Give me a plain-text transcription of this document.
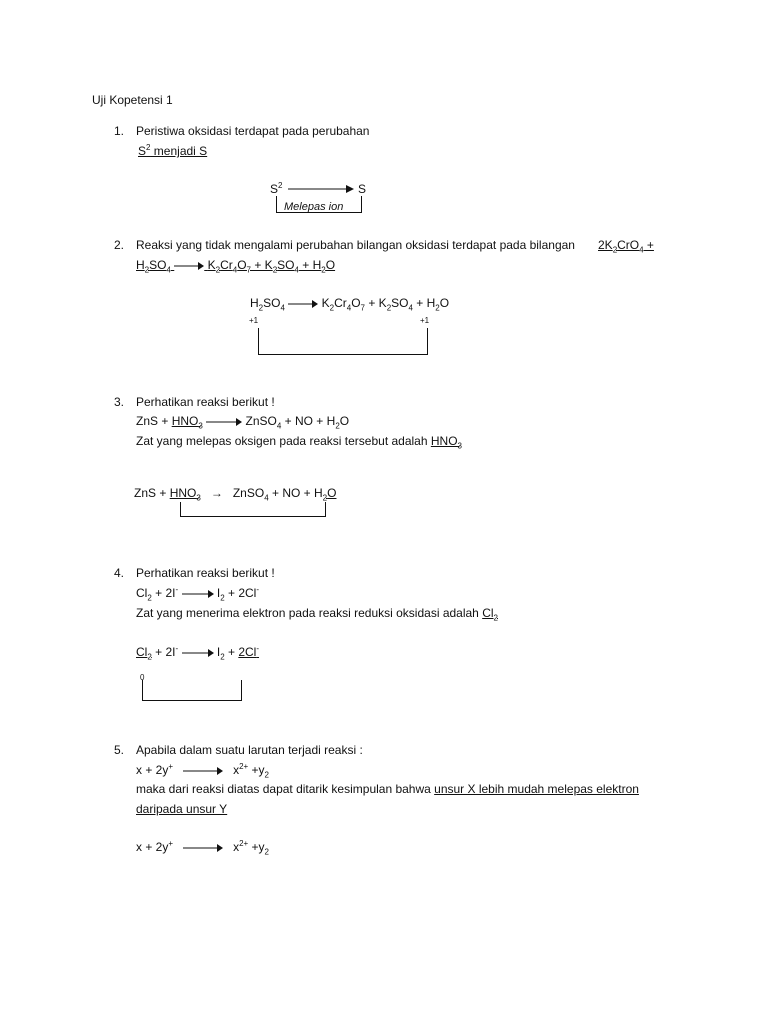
Uji Kopetensi 1
1. Peristiwa oksidasi terdapat pada perubahan
$S^2$ menjadi S
$S^2$	S
Melepas ion
2. Reaksi yang tidak mengalami perubahan bilangan oksidasi terdapat pada bilangan $2K_2CrO_4$ +
$H_2SO_4$	$K_2Cr_4O_7 + K_2SO_4 + H_2O$
$H_2SO_4$	$K_2Cr_4O_7 + K_2SO_4 + H_2O$
+1	+1
3. Perhatikan reaksi berikut !
ZnS + $HNO_3$	ZnSO$_4$ + NO + $H_2O$
Zat yang melepas oksigen pada reaksi tersebut adalah $HNO_3$
ZnS + $HNO_3$ → ZnSO$_4$ + NO + $H_2O$
4. Perhatikan reaksi berikut !
$Cl_2 + 2I^-$	$I_2 + 2Cl^-$
Zat yang menerima elektron pada reaksi reduksi oksidasi adalah $Cl_2$
$Cl_2 + 2I^-$	$I_2 + 2Cl^-$
0
5. Apabila dalam suatu larutan terjadi reaksi :
x + 2y+	$x^{2+} +y_2$
maka dari reaksi diatas dapat ditarik kesimpulan bahwa unsur X lebih mudah melepas elektron
daripada unsur Y
x + 2y+	$x^{2+} +y_2$
